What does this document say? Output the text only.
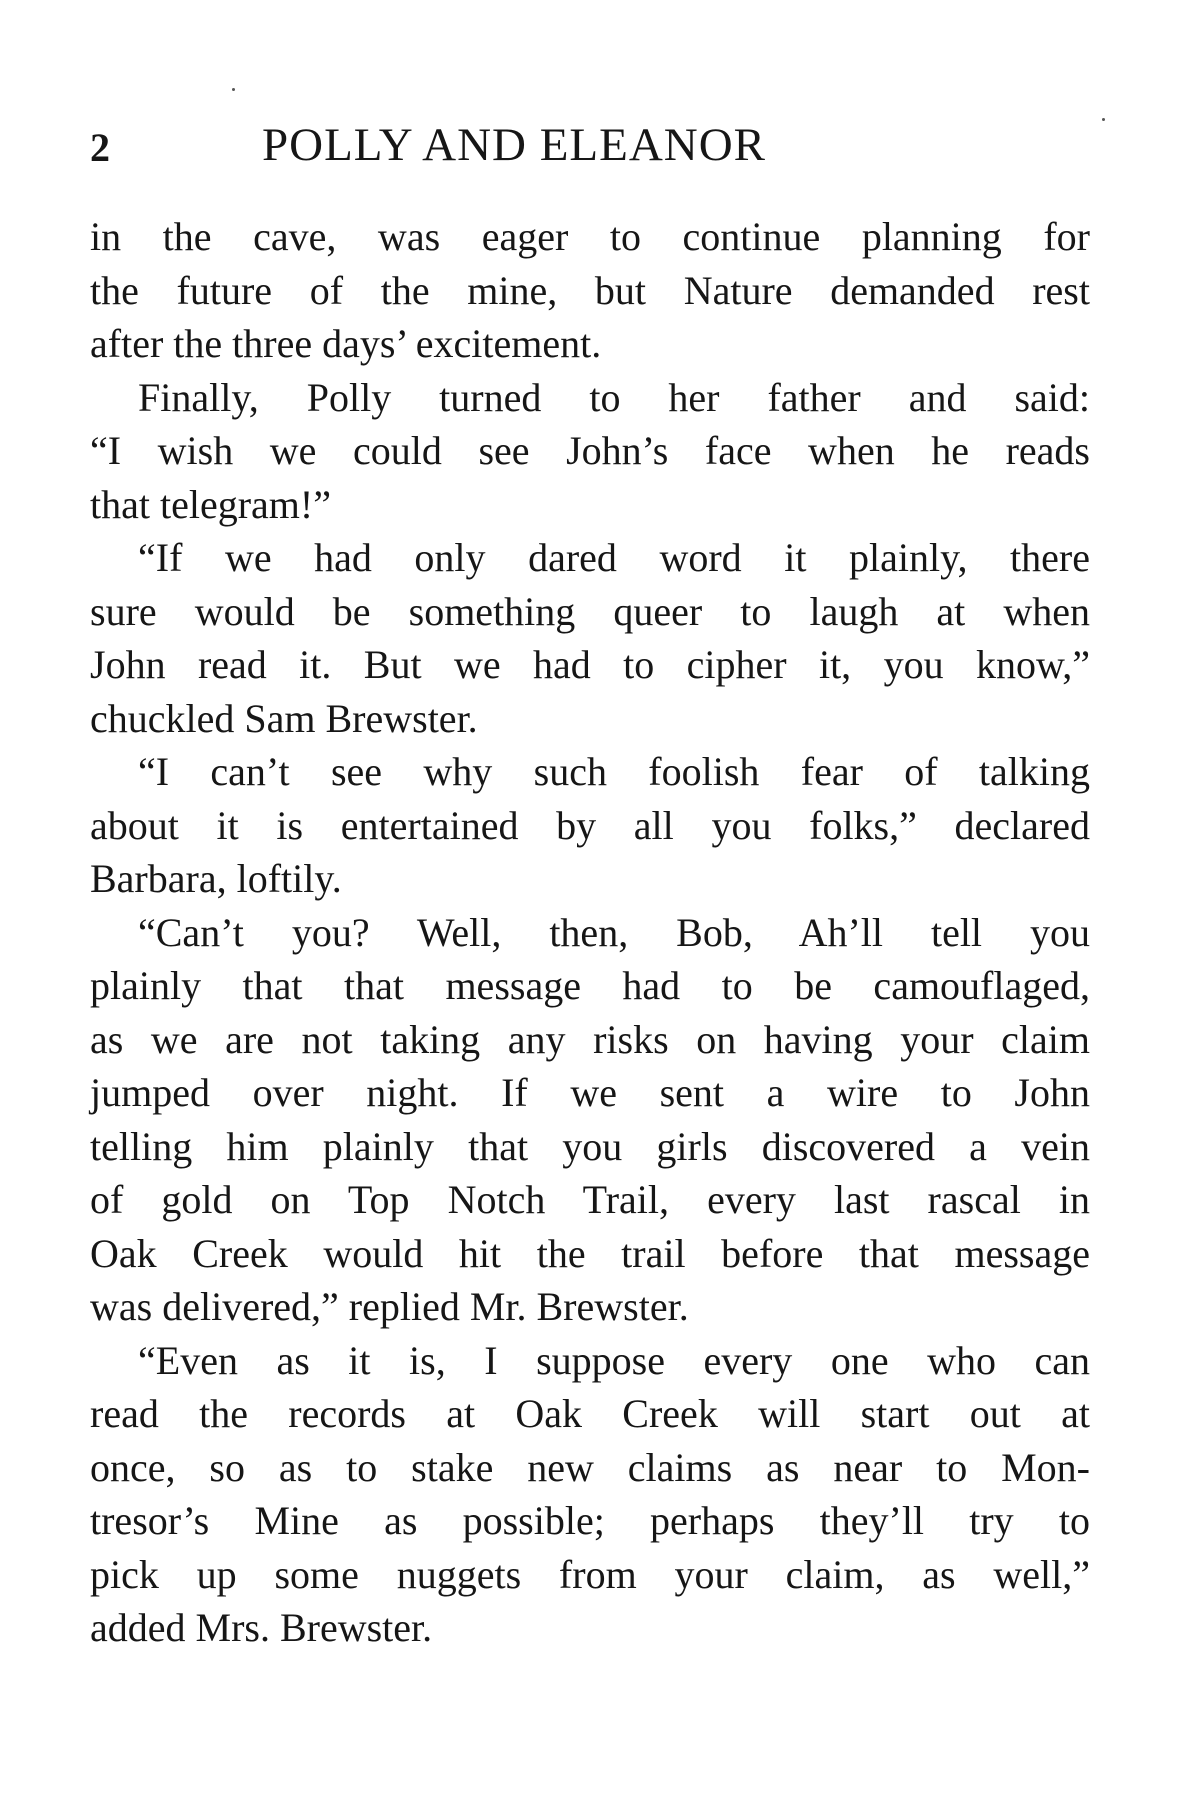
2	POLLY AND ELEANOR
in the cave, was eager to continue planning for
the future of the mine, but Nature demanded rest
after the three days’ excitement.
Finally, Polly turned to her father and said:
“I wish we could see John’s face when he reads
that telegram!”
“If we had only dared word it plainly, there
sure would be something queer to laugh at when
John read it. But we had to cipher it, you know,”
chuckled Sam Brewster.
“I can’t see why such foolish fear of talking
about it is entertained by all you folks,” declared
Barbara, loftily.
“Can’t you? Well, then, Bob, Ah’ll tell you
plainly that that message had to be camouflaged,
as we are not taking any risks on having your claim
jumped over night. If we sent a wire to John
telling him plainly that you girls discovered a vein
of gold on Top Notch Trail, every last rascal in
Oak Creek would hit the trail before that message
was delivered,” replied Mr. Brewster.
“Even as it is, I suppose every one who can
read the records at Oak Creek will start out at
once, so as to stake new claims as near to Mon-
tresor’s Mine as possible; perhaps they’ll try to
pick up some nuggets from your claim, as well,”
added Mrs. Brewster.
